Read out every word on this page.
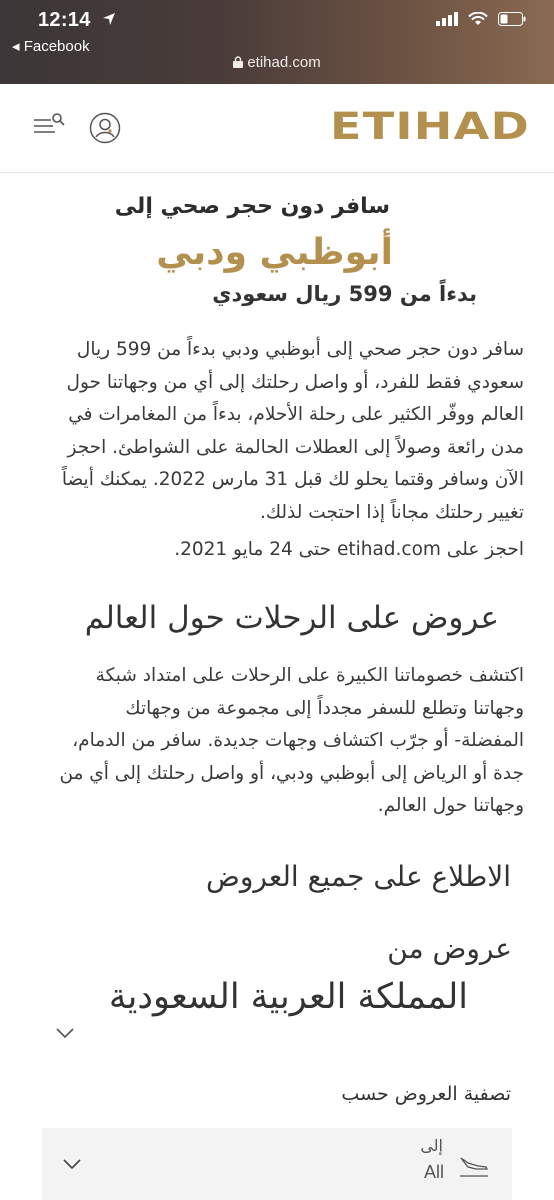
12:14
◂ Facebook
etihad.com
ETIHAD

سافر دون حجر صحي إلى

أبوظبي ودبي

بدءاً من 599 ريال سعودي

سافر دون حجر صحي إلى أبوظبي ودبي بدءاً من 599 ريال
سعودي فقط للفرد، أو واصل رحلتك إلى أي من وجهاتنا حول
العالم ووفّر الكثير على رحلة الأحلام، بدءاً من المغامرات في
مدن رائعة وصولاً إلى العطلات الحالمة على الشواطئ. احجز
الآن وسافر وقتما يحلو لك قبل 31 مارس 2022. يمكنك أيضاً
تغيير رحلتك مجاناً إذا احتجت لذلك.

احجز على etihad.com حتى 24 مايو 2021.

عروض على الرحلات حول العالم
اكتشف خصوماتنا الكبيرة على الرحلات على امتداد شبكة
وجهاتنا وتطلع للسفر مجدداً إلى مجموعة من وجهاتك
المفضلة- أو جرّب اكتشاف وجهات جديدة. سافر من الدمام،
جدة أو الرياض إلى أبوظبي ودبي، أو واصل رحلتك إلى أي من
وجهاتنا حول العالم.
الاطلاع على جميع العروض

عروض من

المملكة العربية السعودية

تصفية العروض حسب

إلى
All
